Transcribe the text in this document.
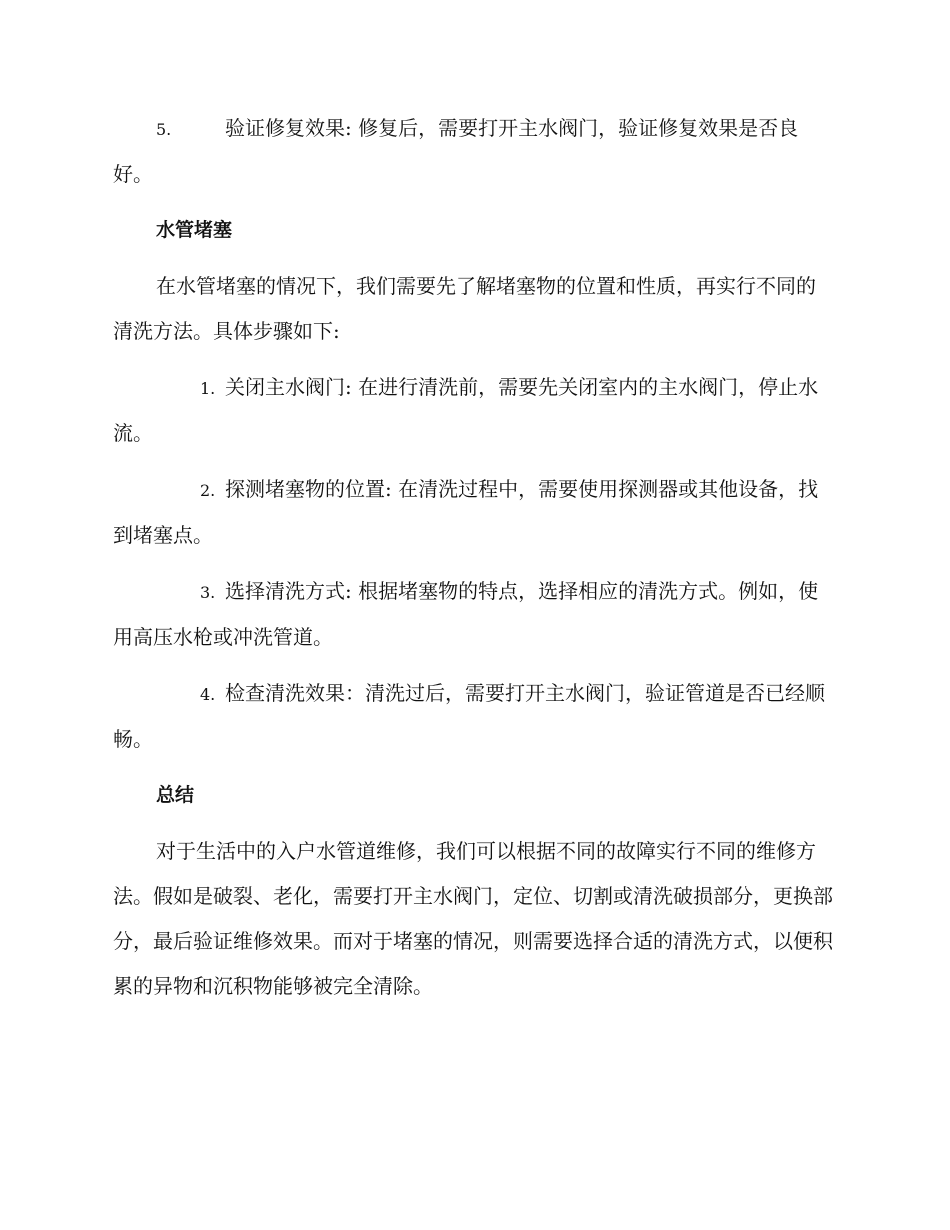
5.	验证修复效果: 修复后，需要打开主水阀门，验证修复效果是否良好。

水管堵塞

在水管堵塞的情况下，我们需要先了解堵塞物的位置和性质，再实行不同的清洗方法。具体步骤如下:

1. 关闭主水阀门: 在进行清洗前，需要先关闭室内的主水阀门，停止水流。

2. 探测堵塞物的位置: 在清洗过程中，需要使用探测器或其他设备，找到堵塞点。

3. 选择清洗方式: 根据堵塞物的特点，选择相应的清洗方式。例如，使用高压水枪或冲洗管道。

4. 检查清洗效果：清洗过后，需要打开主水阀门，验证管道是否已经顺畅。

总结

对于生活中的入户水管道维修，我们可以根据不同的故障实行不同的维修方法。假如是破裂、老化，需要打开主水阀门，定位、切割或清洗破损部分，更换部分，最后验证维修效果。而对于堵塞的情况，则需要选择合适的清洗方式，以便积累的异物和沉积物能够被完全清除。
